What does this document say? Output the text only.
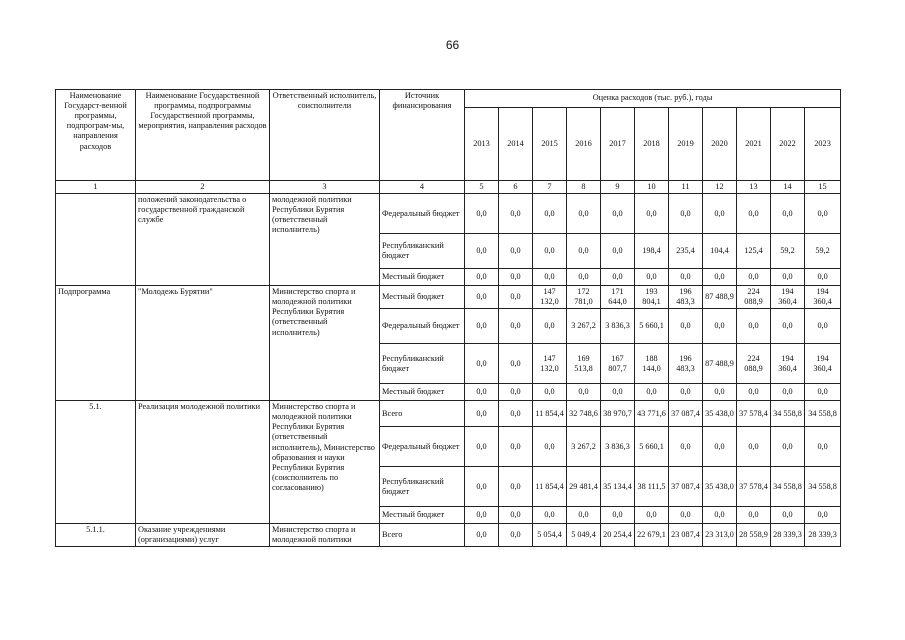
66
Наименование Государст-венной программы, подпрограм-мы, направления расходов	Наименование Государственной программы, подпрограммы Государственной программы, мероприятия, направления расходов	Ответственный исполнитель, соисполнители	Источник финансирования	Оценка расходов (тыс. руб.), годы										
				2013	2014	2015	2016	2017	2018	2019	2020	2021	2022	2023
1	2	3	4	5	6	7	8	9	10	11	12	13	14	15
	положений законодательства о государственной гражданской службе	молодежной политики Республики Бурятия (ответственный исполнитель)	Федеральный бюджет	0,0	0,0	0,0	0,0	0,0	0,0	0,0	0,0	0,0	0,0	0,0
			Республиканский бюджет	0,0	0,0	0,0	0,0	0,0	198,4	235,4	104,4	125,4	59,2	59,2
			Местный бюджет	0,0	0,0	0,0	0,0	0,0	0,0	0,0	0,0	0,0	0,0	0,0
Подпрограмма	"Молодежь Бурятии"	Министерство спорта и молодежной политики Республики Бурятия (ответственный исполнитель)	Местный бюджет	0,0	0,0	147 132,0	172 781,0	171 644,0	193 804,1	196 483,3	87 488,9	224 088,9	194 360,4	194 360,4
			Федеральный бюджет	0,0	0,0	0,0	3 267,2	3 836,3	5 660,1	0,0	0,0	0,0	0,0	0,0
			Республиканский бюджет	0,0	0,0	147 132,0	169 513,8	167 807,7	188 144,0	196 483,3	87 488,9	224 088,9	194 360,4	194 360,4
			Местный бюджет	0,0	0,0	0,0	0,0	0,0	0,0	0,0	0,0	0,0	0,0	0,0
5.1.	Реализация молодежной политики	Министерство спорта и молодежной политики Республики Бурятия (ответственный исполнитель), Министерство образования и науки Республики Бурятия (соисполнитель по согласованию)	Всего	0,0	0,0	11 854,4	32 748,6	38 970,7	43 771,6	37 087,4	35 438,0	37 578,4	34 558,8	34 558,8
			Федеральный бюджет	0,0	0,0	0,0	3 267,2	3 836,3	5 660,1	0,0	0,0	0,0	0,0	0,0
			Республиканский бюджет	0,0	0,0	11 854,4	29 481,4	35 134,4	38 111,5	37 087,4	35 438,0	37 578,4	34 558,8	34 558,8
			Местный бюджет	0,0	0,0	0,0	0,0	0,0	0,0	0,0	0,0	0,0	0,0	0,0
5.1.1.	Оказание учреждениями (организациями) услуг	Министерство спорта и молодежной политики	Всего	0,0	0,0	5 054,4	5 049,4	20 254,4	22 679,1	23 087,4	23 313,0	28 558,9	28 339,3	28 339,3
